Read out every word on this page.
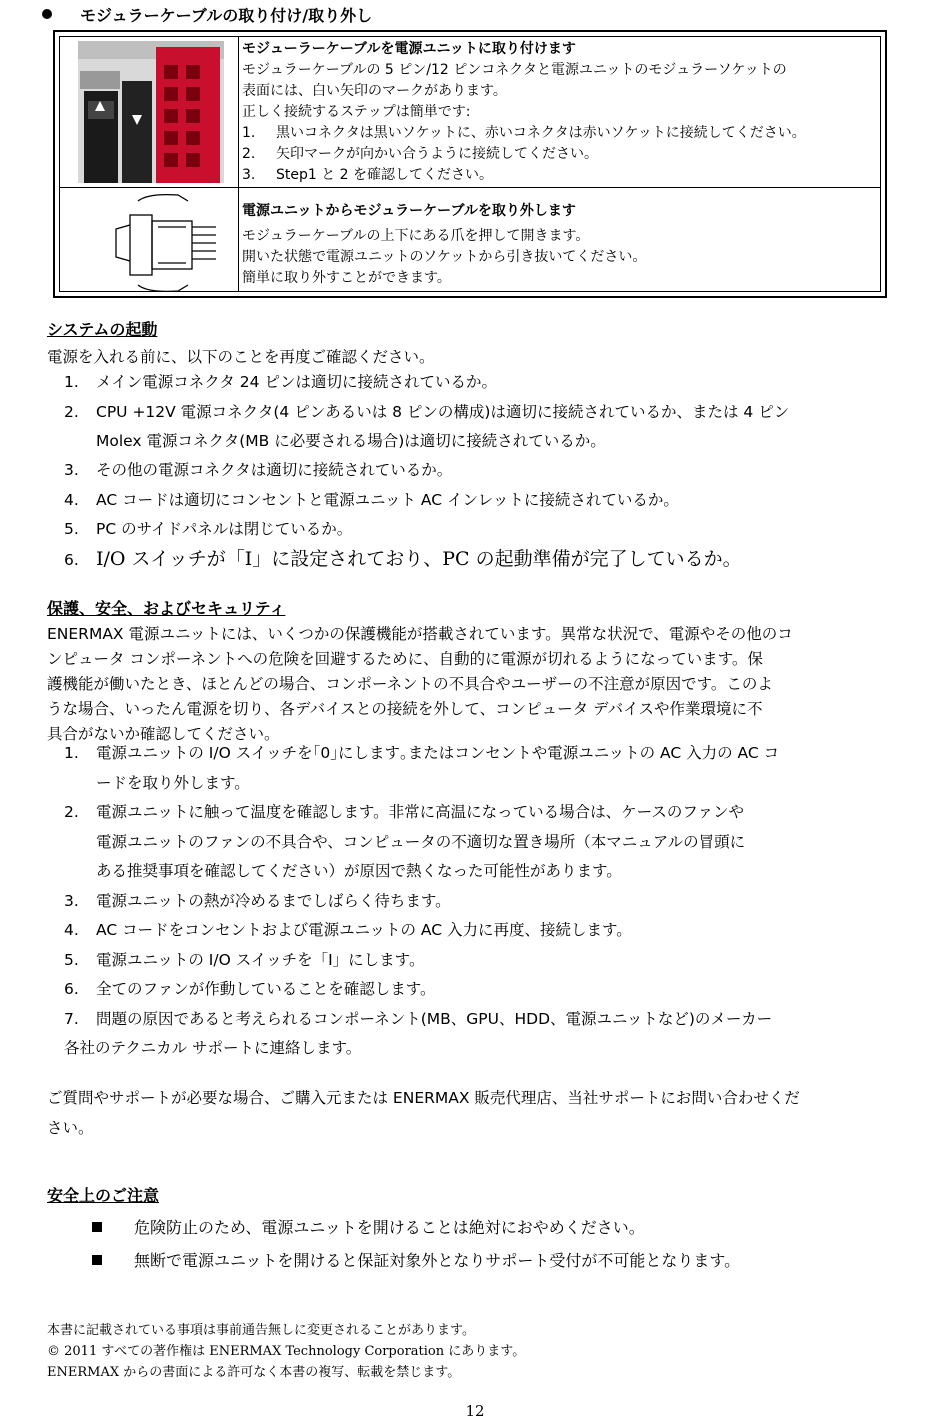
モジュラーケーブルの取り付け/取り外し
モジューラーケーブルを電源ユニットに取り付けます
モジュラーケーブルの 5 ピン/12 ピンコネクタと電源ユニットのモジュラーソケットの
表面には、白い矢印のマークがあります。
正しく接続するステップは簡単です:
1. 黒いコネクタは黒いソケットに、赤いコネクタは赤いソケットに接続してください。
2. 矢印マークが向かい合うように接続してください。
3. Step1 と 2 を確認してください。
電源ユニットからモジュラーケーブルを取り外します
モジュラーケーブルの上下にある爪を押して開きます。
開いた状態で電源ユニットのソケットから引き抜いてください。
簡単に取り外すことができます。
システムの起動
電源を入れる前に、以下のことを再度ご確認ください。
1. メイン電源コネクタ 24 ピンは適切に接続されているか。
2. CPU +12V 電源コネクタ(4 ピンあるいは 8 ピンの構成)は適切に接続されているか、または 4 ピン
Molex 電源コネクタ(MB に必要される場合)は適切に接続されているか。
3. その他の電源コネクタは適切に接続されているか。
4. AC コードは適切にコンセントと電源ユニット AC インレットに接続されているか。
5. PC のサイドパネルは閉じているか。
6. I/O スイッチが「I」に設定されており、PC の起動準備が完了しているか。
保護、安全、およびセキュリティ
ENERMAX 電源ユニットには、いくつかの保護機能が搭載されています。異常な状況で、電源やその他のコ
ンピュータ コンポーネントへの危険を回避するために、自動的に電源が切れるようになっています。保
護機能が働いたとき、ほとんどの場合、コンポーネントの不具合やユーザーの不注意が原因です。このよ
うな場合、いったん電源を切り、各デバイスとの接続を外して、コンピュータ デバイスや作業環境に不
具合がないか確認してください。
1. 電源ユニットの I/O スイッチを｢0｣にします｡またはコンセントや電源ユニットの AC 入力の AC コ
ードを取り外します。
2. 電源ユニットに触って温度を確認します。非常に高温になっている場合は、ケースのファンや
電源ユニットのファンの不具合や、コンピュータの不適切な置き場所（本マニュアルの冒頭に
ある推奨事項を確認してください）が原因で熱くなった可能性があります。
3. 電源ユニットの熱が冷めるまでしばらく待ちます。
4. AC コードをコンセントおよび電源ユニットの AC 入力に再度、接続します。
5. 電源ユニットの I/O スイッチを「I」にします。
6. 全てのファンが作動していることを確認します。
7. 問題の原因であると考えられるコンポーネント(MB、GPU、HDD、電源ユニットなど)のメーカー
各社のテクニカル サポートに連絡します。
ご質問やサポートが必要な場合、ご購入元または ENERMAX 販売代理店、当社サポートにお問い合わせくだ
さい。
安全上のご注意
危険防止のため、電源ユニットを開けることは絶対におやめください。
無断で電源ユニットを開けると保証対象外となりサポート受付が不可能となります。
本書に記載されている事項は事前通告無しに変更されることがあります。
© 2011 すべての著作権は ENERMAX Technology Corporation にあります。
ENERMAX からの書面による許可なく本書の複写、転載を禁じます。
12
